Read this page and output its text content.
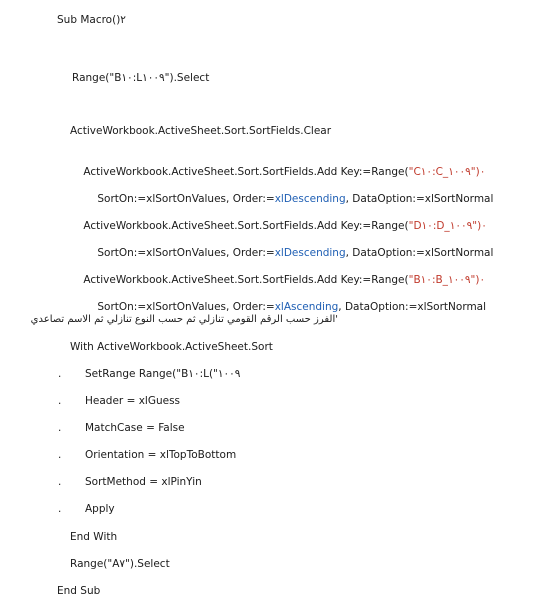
Sub Macro()٢
Range("B١٠:L١٠٠٩").Select
ActiveWorkbook.ActiveSheet.Sort.SortFields.Clear

ActiveWorkbook.ActiveSheet.Sort.SortFields.Add Key:=Range("C١٠:C_٠("١٠٠٩

SortOn:=xlSortOnValues, Order:=xlDescending, DataOption:=xlSortNormal

ActiveWorkbook.ActiveSheet.Sort.SortFields.Add Key:=Range("D١٠:D_٠("١٠٠٩

SortOn:=xlSortOnValues, Order:=xlDescending, DataOption:=xlSortNormal

ActiveWorkbook.ActiveSheet.Sort.SortFields.Add Key:=Range("B١٠:B_٠("١٠٠٩

SortOn:=xlSortOnValues, Order:=xlAscending, DataOption:=xlSortNormal

'الفرز حسب الرقم القومي تنازلي ثم حسب النوع تنازلي ثم الاسم تصاعدي
With ActiveWorkbook.ActiveSheet.Sort
. SetRange Range("B١٠:L("١٠٠٩
. Header = xlGuess
. MatchCase = False
. Orientation = xlTopToBottom
. SortMethod = xlPinYin
. Apply
End With
Range("A٧").Select
End Sub
